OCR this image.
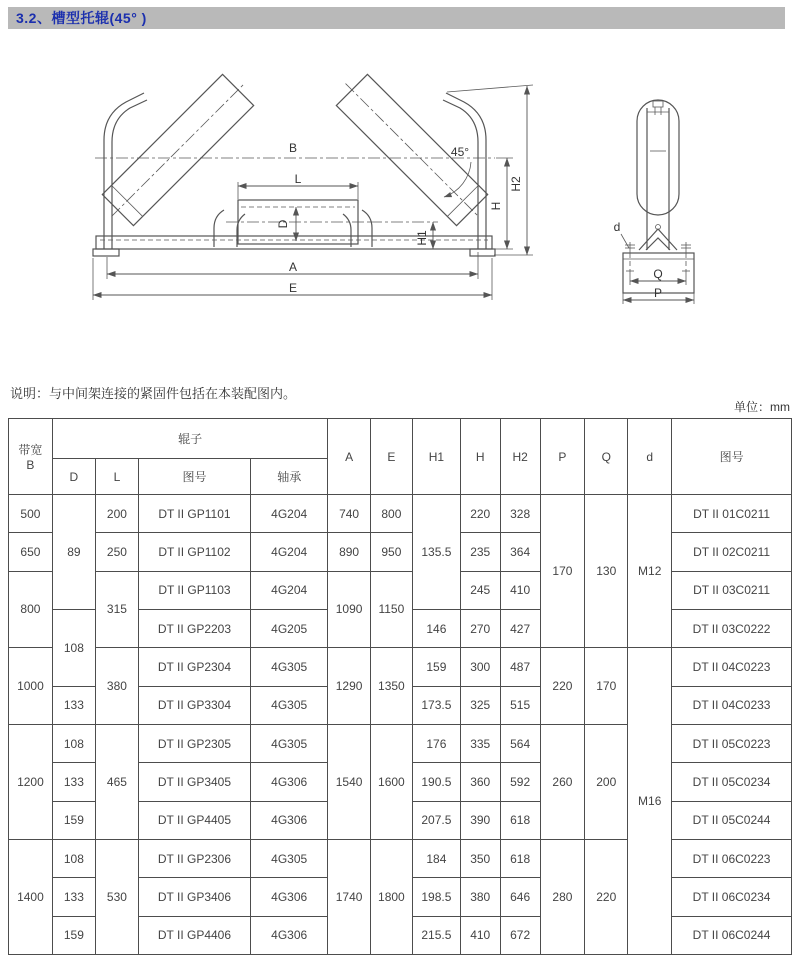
3.2、槽型托辊(45° )
L
B
D
45°
H1
H
H2
A
E
d
Q
P
说明：与中间架连接的紧固件包括在本装配图内。
单位：mm
带宽
B	辊子				A	E	H1	H	H2	P	Q	d	图号
	D	L	图号	轴承									
500	89	200	DT II GP1101	4G204	740	800	135.5	220	328	170	130	M12	DT II 01C0211
650		250	DT II GP1102	4G204	890	950		235	364				DT II 02C0211
800		315	DT II GP1103	4G204	1090	1150		245	410				DT II 03C0211
	108		DT II GP2203	4G205			146	270	427				DT II 03C0222
1000		380	DT II GP2304	4G305	1290	1350	159	300	487	220	170	M16	DT II 04C0223
	133		DT II GP3304	4G305			173.5	325	515				DT II 04C0233
1200	108	465	DT II GP2305	4G305	1540	1600	176	335	564	260	200		DT II 05C0223
	133		DT II GP3405	4G306			190.5	360	592				DT II 05C0234
	159		DT II GP4405	4G306			207.5	390	618				DT II 05C0244
1400	108	530	DT II GP2306	4G305	1740	1800	184	350	618	280	220		DT II 06C0223
	133		DT II GP3406	4G306			198.5	380	646				DT II 06C0234
	159		DT II GP4406	4G306			215.5	410	672				DT II 06C0244
